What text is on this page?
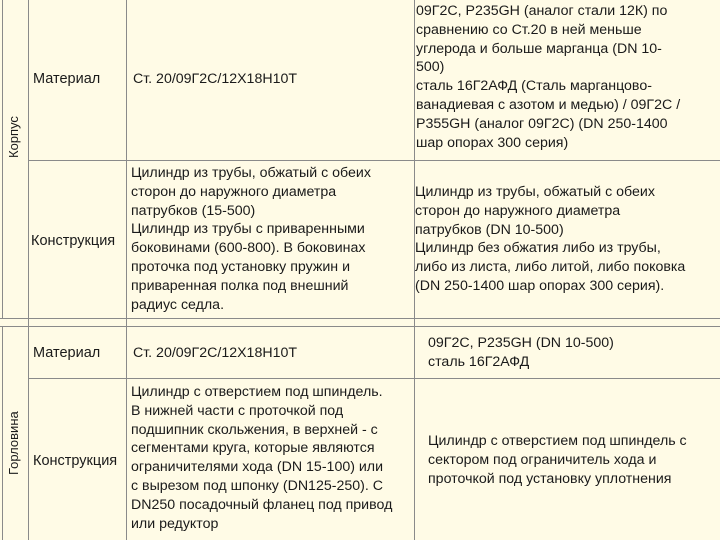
Корпус
Материал Ст. 20/09Г2С/12Х18Н10Т
09Г2С, Р235GH (аналог стали 12К) по
сравнению со Ст.20 в ней меньше
углерода и больше марганца (DN 10-
500)
сталь 16Г2АФД (Сталь марганцово-
ванадиевая с азотом и медью) / 09Г2С /
P355GH (аналог 09Г2С) (DN 250-1400
шар опорах 300 серия)
Конструкция
Цилиндр из трубы, обжатый с обеих
сторон до наружного диаметра
патрубков (15-500)
Цилиндр из трубы с приваренными
боковинами (600-800). В боковинах
проточка под установку пружин и
приваренная полка под внешний
радиус седла.
Цилиндр из трубы, обжатый с обеих
сторон до наружного диаметра
патрубков (DN 10-500)
Цилиндр без обжатия либо из трубы,
либо из листа, либо литой, либо поковка
(DN 250-1400 шар опорах 300 серия).
Горловина
Материал Ст. 20/09Г2С/12Х18Н10Т
09Г2С, Р235GH (DN 10-500)
сталь 16Г2АФД
Конструкция
Цилиндр с отверстием под шпиндель.
В нижней части с проточкой под
подшипник скольжения, в верхней - с
сегментами круга, которые являются
ограничителями хода (DN 15-100) или
с вырезом под шпонку (DN125-250). С
DN250 посадочный фланец под привод
или редуктор
Цилиндр с отверстием под шпиндель с
сектором под ограничитель хода и
проточкой под установку уплотнения
